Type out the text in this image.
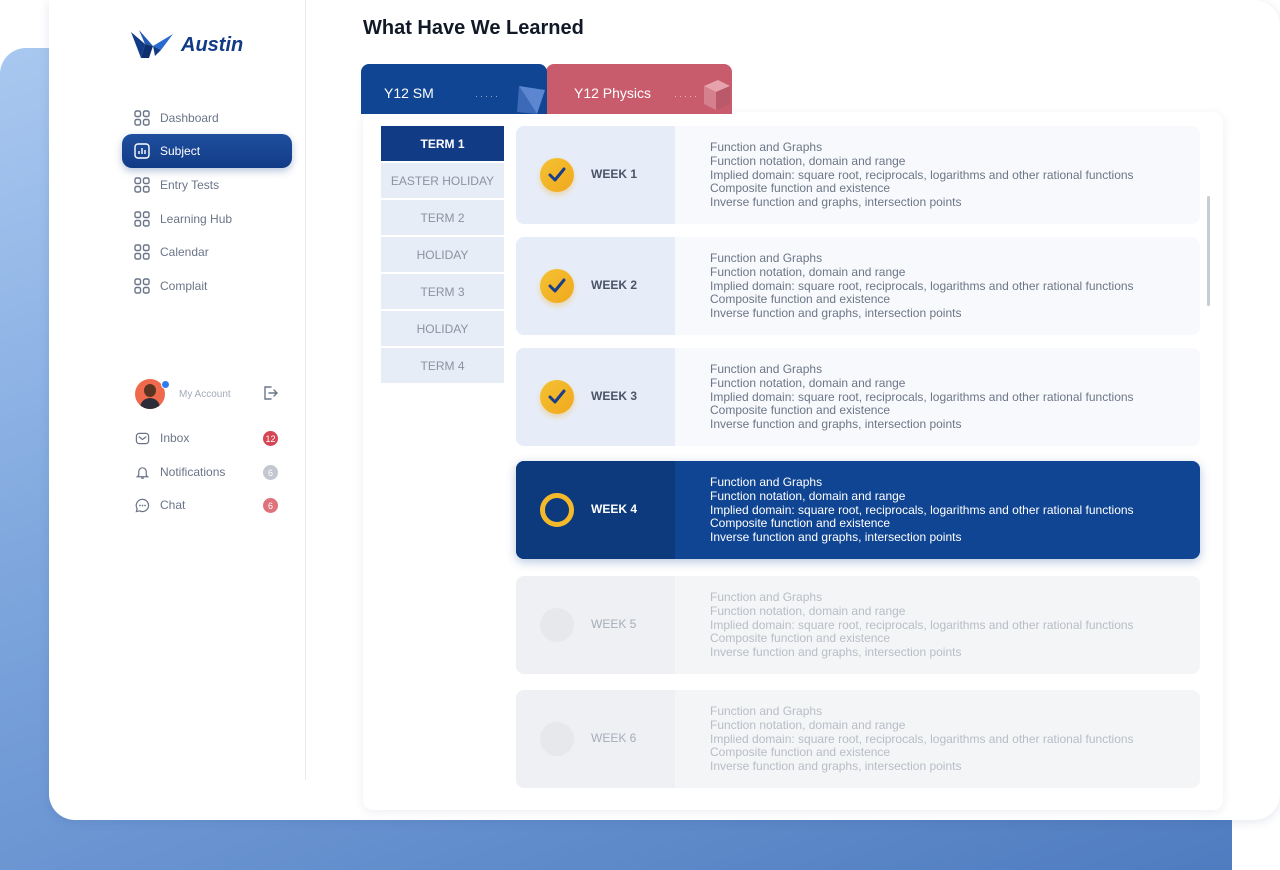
Austin
Dashboard
Subject
Entry Tests
Learning Hub
Calendar
Complait
My Account
Inbox	12
Notifications	6
Chat	6
What Have We Learned
Y12 SM	·····	Y12 Physics	·····
TERM 1
EASTER HOLIDAY
TERM 2
HOLIDAY
TERM 3
HOLIDAY
TERM 4
WEEK 1
Function and Graphs
Function notation, domain and range
Implied domain: square root, reciprocals, logarithms and other rational functions
Composite function and existence
Inverse function and graphs, intersection points
WEEK 2
Function and Graphs
Function notation, domain and range
Implied domain: square root, reciprocals, logarithms and other rational functions
Composite function and existence
Inverse function and graphs, intersection points
WEEK 3
Function and Graphs
Function notation, domain and range
Implied domain: square root, reciprocals, logarithms and other rational functions
Composite function and existence
Inverse function and graphs, intersection points
WEEK 4
Function and Graphs
Function notation, domain and range
Implied domain: square root, reciprocals, logarithms and other rational functions
Composite function and existence
Inverse function and graphs, intersection points
WEEK 5
Function and Graphs
Function notation, domain and range
Implied domain: square root, reciprocals, logarithms and other rational functions
Composite function and existence
Inverse function and graphs, intersection points
WEEK 6
Function and Graphs
Function notation, domain and range
Implied domain: square root, reciprocals, logarithms and other rational functions
Composite function and existence
Inverse function and graphs, intersection points
